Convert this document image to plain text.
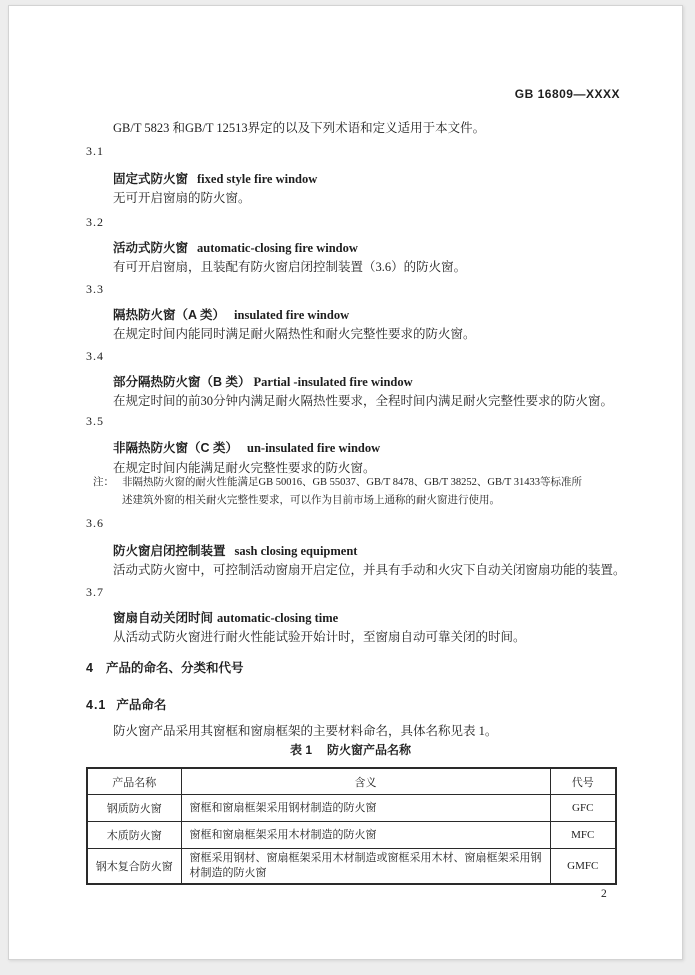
GB 16809—XXXX
GB/T 5823 和GB/T 12513界定的以及下列术语和定义适用于本文件。
3.1
固定式防火窗 fixed style fire window
无可开启窗扇的防火窗。
3.2
活动式防火窗 automatic-closing fire window
有可开启窗扇，且装配有防火窗启闭控制装置（3.6）的防火窗。
3.3
隔热防火窗（A 类） insulated fire window
在规定时间内能同时满足耐火隔热性和耐火完整性要求的防火窗。
3.4
部分隔热防火窗（B 类） Partial -insulated fire window
在规定时间的前30分钟内满足耐火隔热性要求，全程时间内满足耐火完整性要求的防火窗。
3.5
非隔热防火窗（C 类） un-insulated fire window
在规定时间内能满足耐火完整性要求的防火窗。
注： 非隔热防火窗的耐火性能满足GB 50016、GB 55037、GB/T 8478、GB/T 38252、GB/T 31433等标准所述建筑外窗的相关耐火完整性要求，可以作为目前市场上通称的耐火窗进行使用。
3.6
防火窗启闭控制装置 sash closing equipment
活动式防火窗中，可控制活动窗扇开启定位，并具有手动和火灾下自动关闭窗扇功能的装置。
3.7
窗扇自动关闭时间 automatic-closing time
从活动式防火窗进行耐火性能试验开始计时，至窗扇自动可靠关闭的时间。
4 产品的命名、分类和代号
4.1 产品命名
防火窗产品采用其窗框和窗扇框架的主要材料命名，具体名称见表 1。
表 1 防火窗产品名称
产品名称	含义	代号
钢质防火窗	窗框和窗扇框架采用钢材制造的防火窗	GFC
木质防火窗	窗框和窗扇框架采用木材制造的防火窗	MFC
钢木复合防火窗	窗框采用钢材、窗扇框架采用木材制造或窗框采用木材、窗扇框架采用钢材制造的防火窗	GMFC
2
